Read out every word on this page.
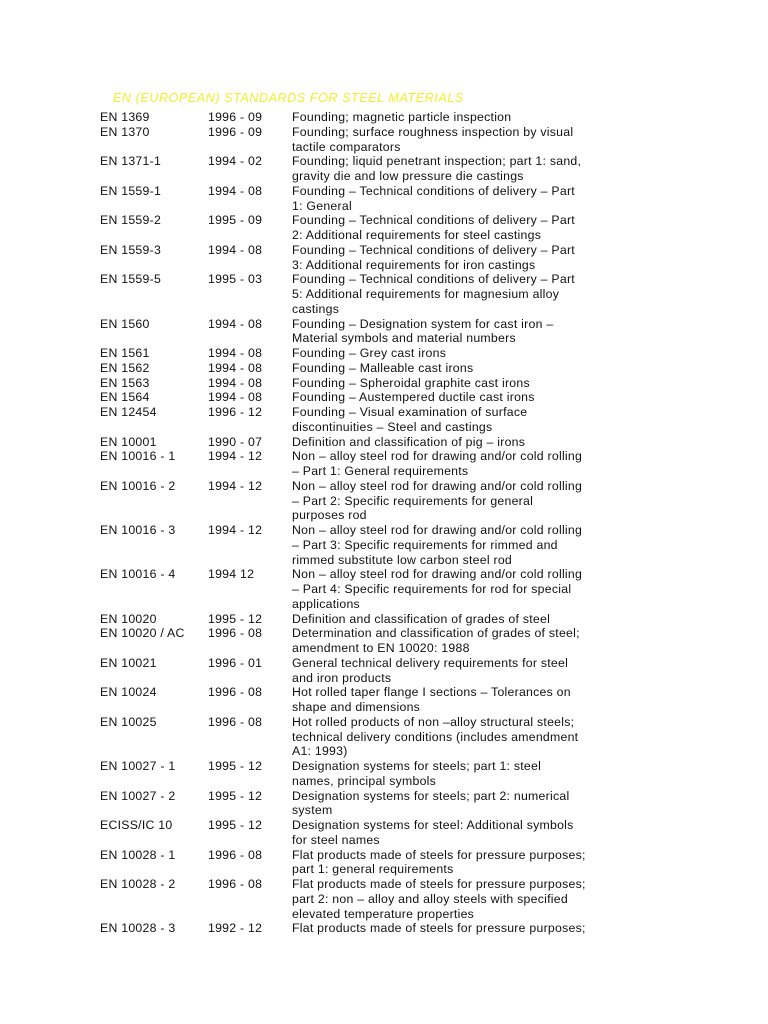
EN (EUROPEAN) STANDARDS FOR STEEL MATERIALS
EN 1369	1996 - 09	Founding; magnetic particle inspection
EN 1370	1996 - 09	Founding; surface roughness inspection by visual
tactile comparators
EN 1371-1	1994 - 02	Founding; liquid penetrant inspection; part 1: sand,
gravity die and low pressure die castings
EN 1559-1	1994 - 08	Founding – Technical conditions of delivery – Part
1: General
EN 1559-2	1995 - 09	Founding – Technical conditions of delivery – Part
2: Additional requirements for steel castings
EN 1559-3	1994 - 08	Founding – Technical conditions of delivery – Part
3: Additional requirements for iron castings
EN 1559-5	1995 - 03	Founding – Technical conditions of delivery – Part
5: Additional requirements for magnesium alloy
castings
EN 1560	1994 - 08	Founding – Designation system for cast iron –
Material symbols and material numbers
EN 1561	1994 - 08	Founding – Grey cast irons
EN 1562	1994 - 08	Founding – Malleable cast irons
EN 1563	1994 - 08	Founding – Spheroidal graphite cast irons
EN 1564	1994 - 08	Founding – Austempered ductile cast irons
EN 12454	1996 - 12	Founding – Visual examination of surface
discontinuities – Steel and castings
EN 10001	1990 - 07	Definition and classification of pig – irons
EN 10016 - 1	1994 - 12	Non – alloy steel rod for drawing and/or cold rolling
– Part 1: General requirements
EN 10016 - 2	1994 - 12	Non – alloy steel rod for drawing and/or cold rolling
– Part 2: Specific requirements for general
purposes rod
EN 10016 - 3	1994 - 12	Non – alloy steel rod for drawing and/or cold rolling
– Part 3: Specific requirements for rimmed and
rimmed substitute low carbon steel rod
EN 10016 - 4	1994 12	Non – alloy steel rod for drawing and/or cold rolling
– Part 4: Specific requirements for rod for special
applications
EN 10020	1995 - 12	Definition and classification of grades of steel
EN 10020 / AC	1996 - 08	Determination and classification of grades of steel;
amendment to EN 10020: 1988
EN 10021	1996 - 01	General technical delivery requirements for steel
and iron products
EN 10024	1996 - 08	Hot rolled taper flange I sections – Tolerances on
shape and dimensions
EN 10025	1996 - 08	Hot rolled products of non –alloy structural steels;
technical delivery conditions (includes amendment
A1: 1993)
EN 10027 - 1	1995 - 12	Designation systems for steels; part 1: steel
names, principal symbols
EN 10027 - 2	1995 - 12	Designation systems for steels; part 2: numerical
system
ECISS/IC 10	1995 - 12	Designation systems for steel: Additional symbols
for steel names
EN 10028 - 1	1996 - 08	Flat products made of steels for pressure purposes;
part 1: general requirements
EN 10028 - 2	1996 - 08	Flat products made of steels for pressure purposes;
part 2: non – alloy and alloy steels with specified
elevated temperature properties
EN 10028 - 3	1992 - 12	Flat products made of steels for pressure purposes;
